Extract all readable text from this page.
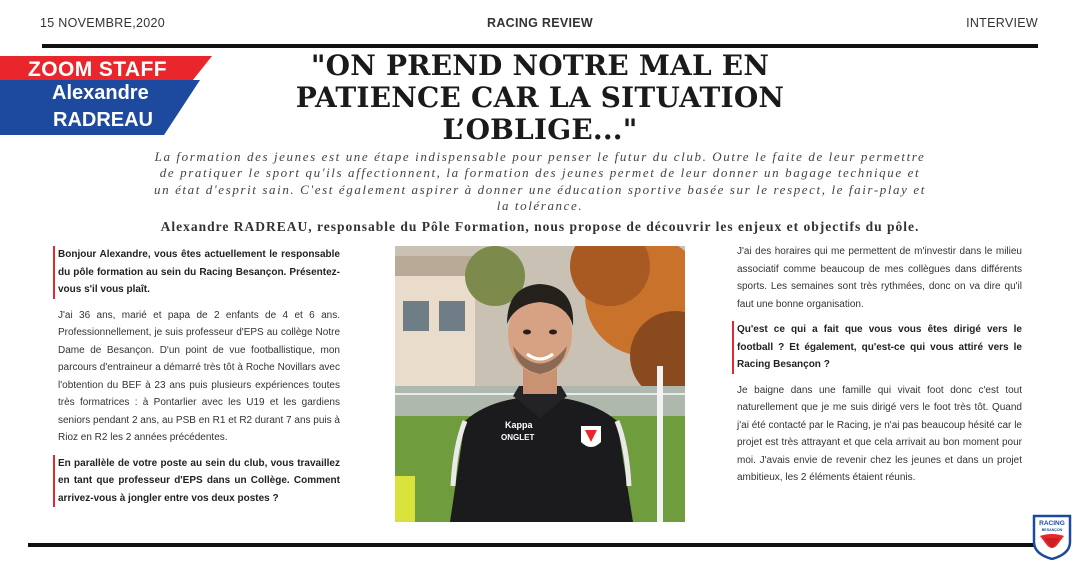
15 NOVEMBRE,2020	RACING REVIEW	INTERVIEW
ZOOM STAFF
Alexandre
RADREAU
"ON PREND NOTRE MAL EN
PATIENCE CAR LA SITUATION
L’OBLIGE..."
La formation des jeunes est une étape indispensable pour penser le futur du club. Outre le faite de leur permettre de pratiquer le sport qu'ils affectionnent, la formation des jeunes permet de leur donner un bagage technique et un état d'esprit sain. C'est également aspirer à donner une éducation sportive basée sur le respect, le fair-play et la tolérance.
Alexandre RADREAU, responsable du Pôle Formation, nous propose de découvrir les enjeux et objectifs du pôle.

Bonjour Alexandre, vous êtes actuellement le responsable du pôle formation au sein du Racing Besançon. Présentez-vous s'il vous plaît.

J'ai 36 ans, marié et papa de 2 enfants de 4 et 6 ans. Professionnellement, je suis professeur d'EPS au collège Notre Dame de Besançon. D'un point de vue footballistique, mon parcours d'entraineur a démarré très tôt à Roche Novillars avec l'obtention du BEF à 23 ans puis plusieurs expériences toutes très formatrices : à Pontarlier avec les U19 et les gardiens seniors pendant 2 ans, au PSB en R1 et R2 durant 7 ans puis à Rioz en R2 les 2 années précédentes.

En parallèle de votre poste au sein du club, vous travaillez en tant que professeur d'EPS dans un Collège. Comment arrivez-vous à jongler entre vos deux postes ?

Kappa
ONGLET

J'ai des horaires qui me permettent de m'investir dans le milieu associatif comme beaucoup de mes collègues dans différents sports. Les semaines sont très rythmées, donc on va dire qu'il faut une bonne organisation.

Qu'est ce qui a fait que vous vous êtes dirigé vers le football ? Et également, qu'est-ce qui vous attiré vers le Racing Besançon ?

Je baigne dans une famille qui vivait foot donc c'est tout naturellement que je me suis dirigé vers le foot très tôt. Quand j'ai été contacté par le Racing, je n'ai pas beaucoup hésité car le projet est très attrayant et que cela arrivait au bon moment pour moi. J'avais envie de revenir chez les jeunes et dans un projet ambitieux, les 2 éléments étaient réunis.

RACING
BESANÇON
